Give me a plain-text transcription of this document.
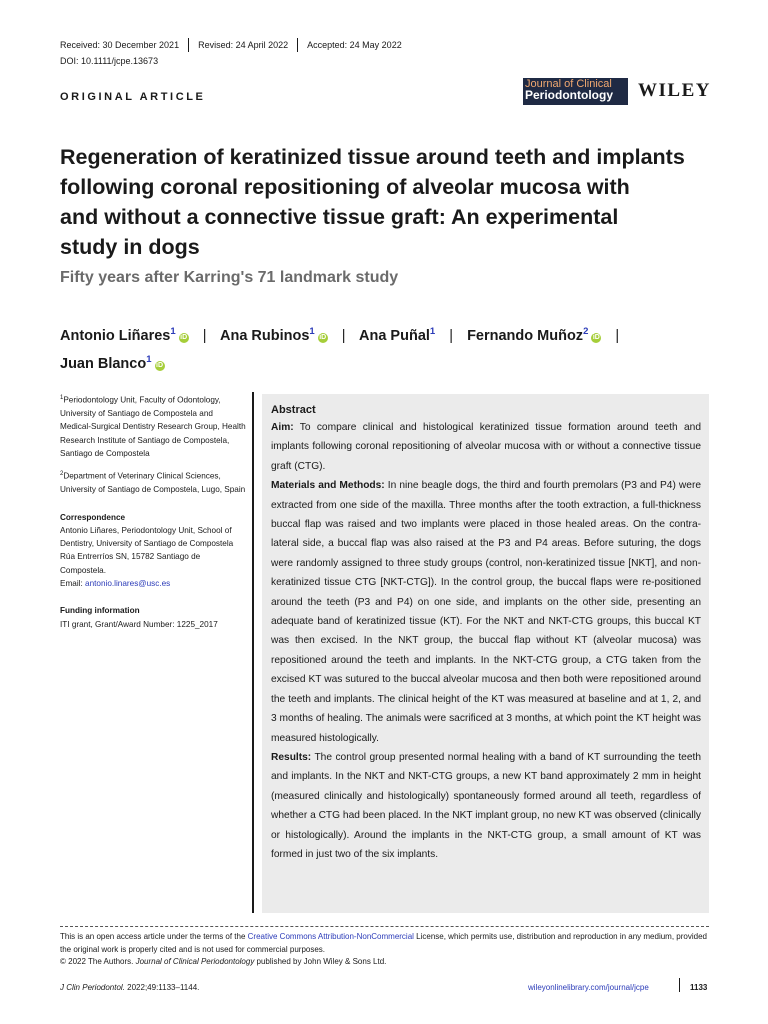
Received: 30 December 2021	Revised: 24 April 2022	Accepted: 24 May 2022
DOI: 10.1111/jcpe.13673
ORIGINAL ARTICLE
Journal of Clinical
Periodontology	WILEY
Regeneration of keratinized tissue around teeth and implants
following coronal repositioning of alveolar mucosa with
and without a connective tissue graft: An experimental
study in dogs
Fifty years after Karring's 71 landmark study
Antonio Liñares$^1$iD | Ana Rubinos$^1$iD | Ana Puñal$^1$ | Fernando Muñoz$^2$iD |
Juan Blanco$^1$iD

$^1$Periodontology Unit, Faculty of Odontology, University of Santiago de Compostela and Medical-Surgical Dentistry Research Group, Health Research Institute of Santiago de Compostela, Santiago de Compostela

$^2$Department of Veterinary Clinical Sciences, University of Santiago de Compostela, Lugo, Spain

Correspondence

Antonio Liñares, Periodontology Unit, School of Dentistry, University of Santiago de Compostela Rúa Entrerríos SN, 15782 Santiago de Compostela.

Email: antonio.linares@usc.es

Funding information

ITI grant, Grant/Award Number: 1225_2017

Abstract

Aim: To compare clinical and histological keratinized tissue formation around teeth and implants following coronal repositioning of alveolar mucosa with or without a connective tissue graft (CTG).

Materials and Methods: In nine beagle dogs, the third and fourth premolars (P3 and P4) were extracted from one side of the maxilla. Three months after the tooth extraction, a full-thickness buccal flap was raised and two implants were placed in those healed areas. On the contra-lateral side, a buccal flap was also raised at the P3 and P4 areas. Before suturing, the dogs were randomly assigned to three study groups (control, non-keratinized tissue [NKT], and non-keratinized tissue CTG [NKT-CTG]). In the control group, the buccal flaps were re-positioned around the teeth (P3 and P4) on one side, and implants on the other side, presenting an adequate band of keratinized tissue (KT). For the NKT and NKT-CTG groups, this buccal KT was then excised. In the NKT group, the buccal flap without KT (alveolar mucosa) was repositioned around the teeth and implants. In the NKT-CTG group, a CTG taken from the excised KT was sutured to the buccal alveolar mucosa and then both were repositioned around the teeth and implants. The clinical height of the KT was measured at baseline and at 1, 2, and 3 months of healing. The animals were sacrificed at 3 months, at which point the KT height was measured histologically.

Results: The control group presented normal healing with a band of KT surrounding the teeth and implants. In the NKT and NKT-CTG groups, a new KT band approximately 2 mm in height (measured clinically and histologically) spontaneously formed around all teeth, regardless of whether a CTG had been placed. In the NKT implant group, no new KT was observed (clinically or histologically). Around the implants in the NKT-CTG group, a small amount of KT was formed in just two of the six implants.

This is an open access article under the terms of the Creative Commons Attribution-NonCommercial License, which permits use, distribution and reproduction in any medium, provided the original work is properly cited and is not used for commercial purposes.
© 2022 The Authors. Journal of Clinical Periodontology published by John Wiley & Sons Ltd.
J Clin Periodontol. 2022;49:1133–1144.	wileyonlinelibrary.com/journal/jcpe	1133
